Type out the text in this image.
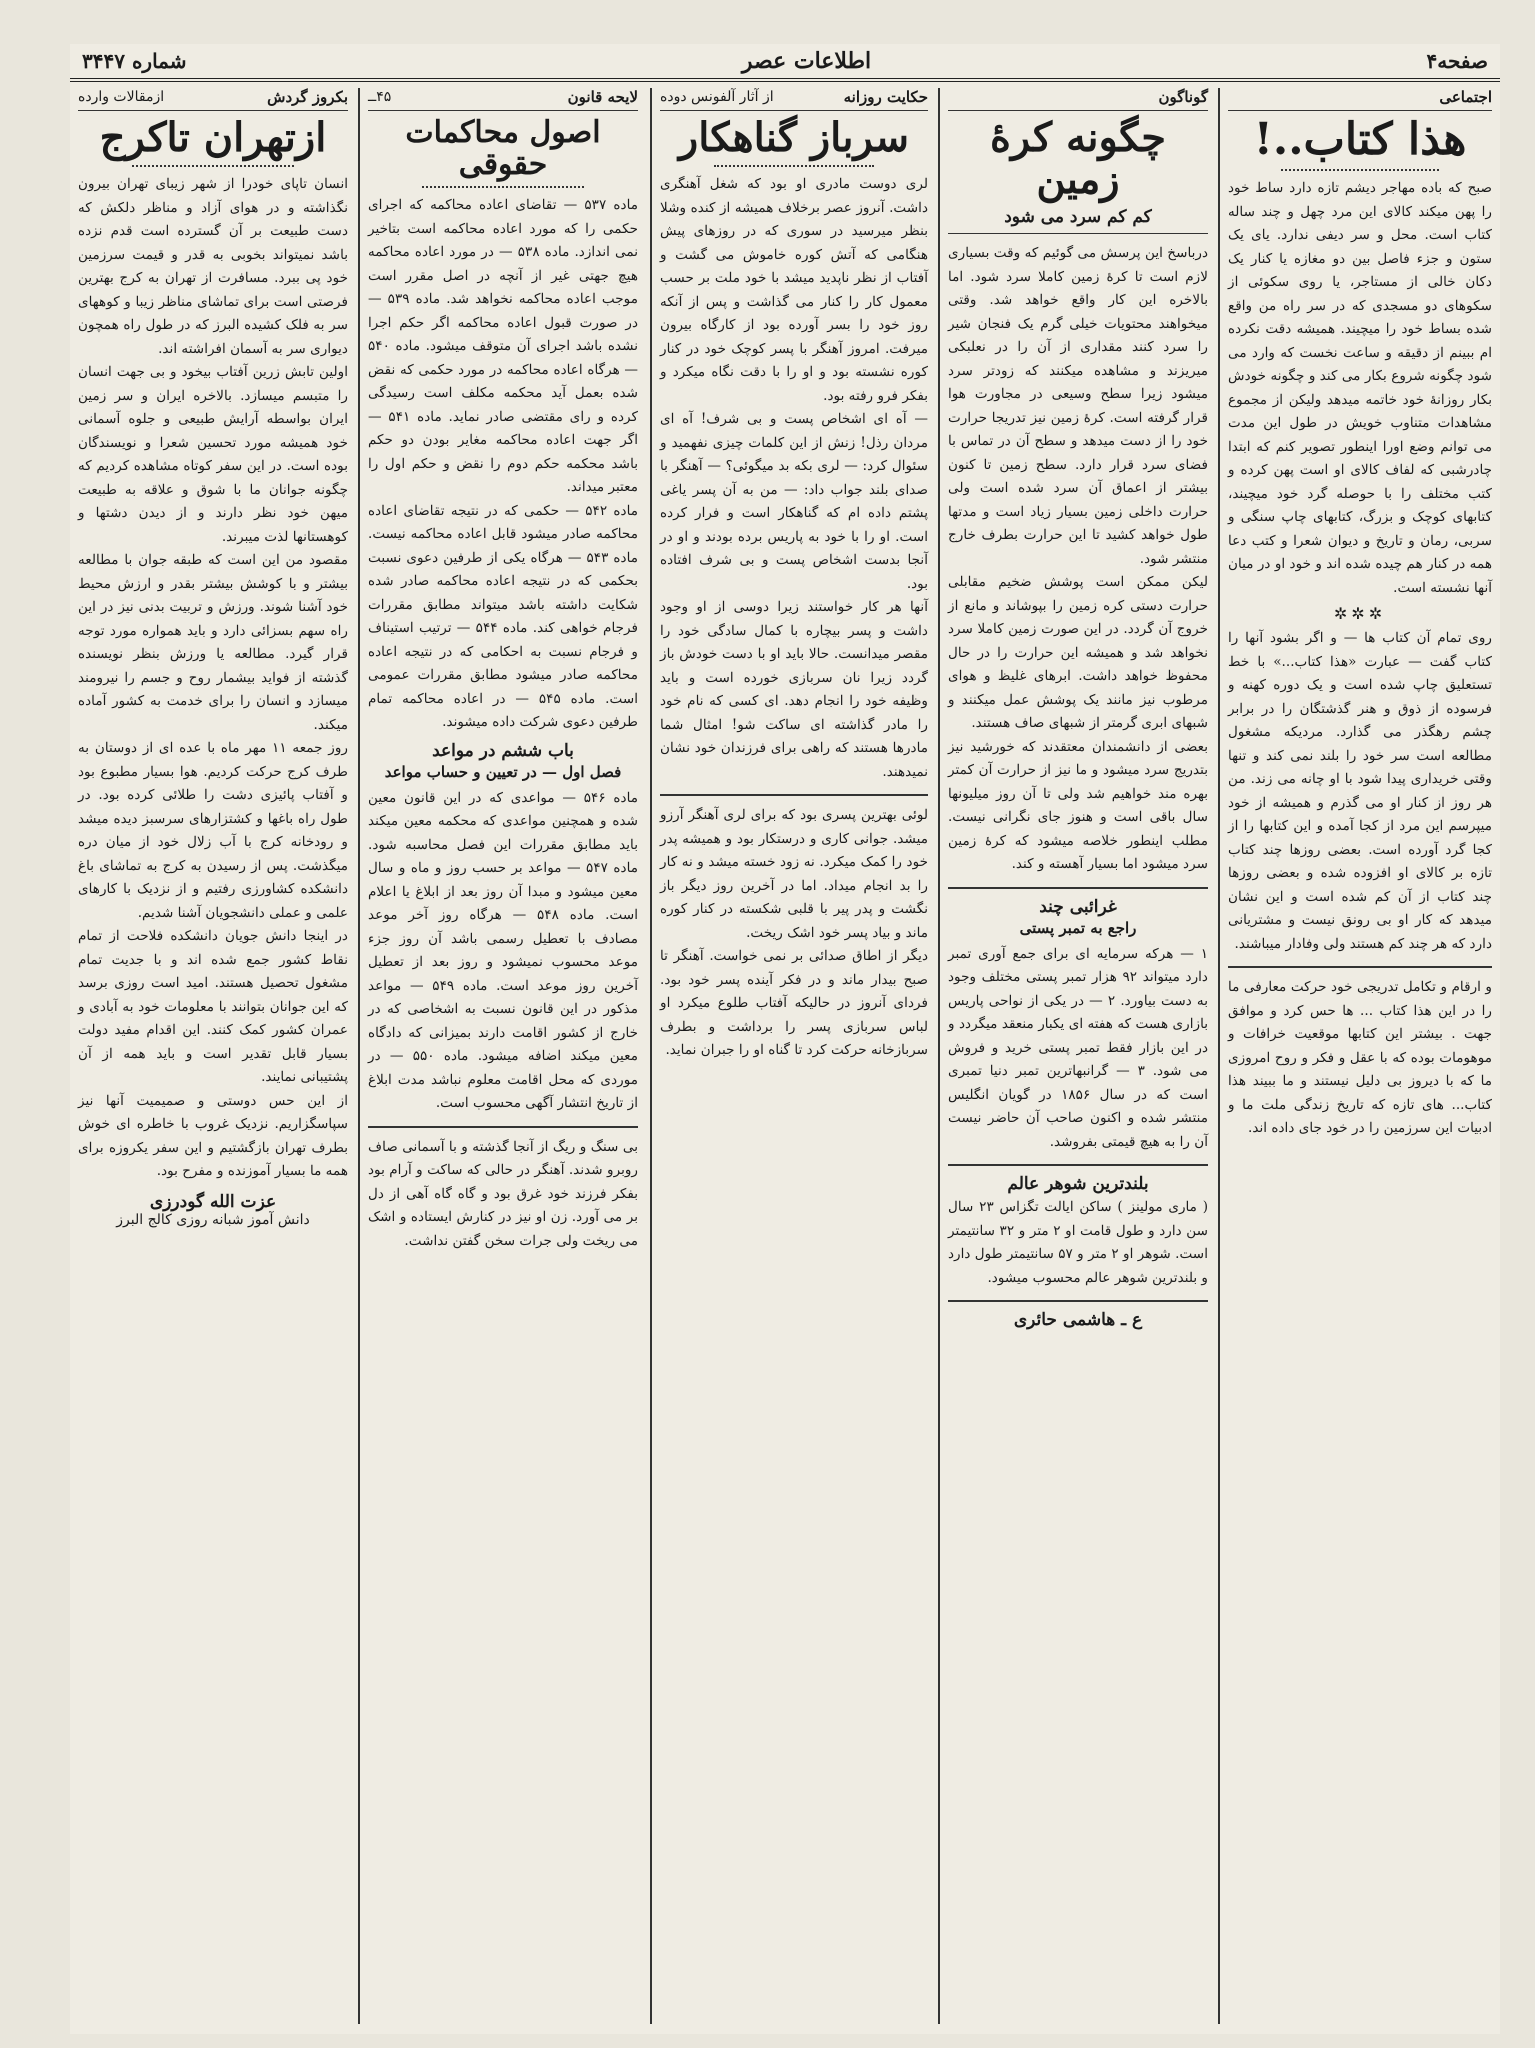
صفحه۴
اطلاعات عصر
شماره ۳۴۴۷
اجتماعی
هذا کتاب..!

صبح که باده مهاجر دیشم تازه دارد ساط خود را پهن میکند کالای این مرد چهل و چند ساله کتاب است. محل و سر دیفی ندارد. یای یک ستون و جزء فاصل بین دو مغازه یا کنار یک دکان خالی از مستاجر، یا روی سکوئی از سکوهای دو مسجدی که در سر راه من واقع شده بساط خود را میچیند. همیشه دقت نکرده ام ببینم از دقیقه و ساعت نخست که وارد می شود چگونه شروع بکار می کند و چگونه خودش بکار روزانهٔ خود خاتمه میدهد ولیکن از مجموع مشاهدات متناوب خویش در طول این مدت می توانم وضع اورا اینطور تصویر کنم که ابتدا چادرشبی که لفاف کالای او است پهن کرده و کتب مختلف را با حوصله گرد خود میچیند، کتابهای کوچک و بزرگ، کتابهای چاپ سنگی و سربی، رمان و تاریخ و دیوان شعرا و کتب دعا همه در کنار هم چیده شده اند و خود او در میان آنها نشسته است.

✲✲✲

روی تمام آن کتاب ها — و اگر بشود آنها را کتاب گفت — عبارت «هذا کتاب...» با خط تستعلیق چاپ شده است و یک دوره کهنه و فرسوده از ذوق و هنر گذشتگان را در برابر چشم رهگذر می گذارد. مردیکه مشغول مطالعه است سر خود را بلند نمی کند و تنها وقتی خریداری پیدا شود با او چانه می زند. من هر روز از کنار او می گذرم و همیشه از خود میپرسم این مرد از کجا آمده و این کتابها را از کجا گرد آورده است. بعضی روزها چند کتاب تازه بر کالای او افزوده شده و بعضی روزها چند کتاب از آن کم شده است و این نشان میدهد که کار او بی رونق نیست و مشتریانی دارد که هر چند کم هستند ولی وفادار میباشند.

و ارقام و تکامل تدریجی خود حرکت معارفی ما را در این هذا کتاب ... ها حس کرد و موافق جهت . بیشتر این کتابها موقعیت خرافات و موهومات بوده که با عقل و فکر و روح امروزی ما که با دیروز بی دلیل نیستند و ما ببیند هذا کتاب... های تازه که تاریخ زندگی ملت ما و ادبیات این سرزمین را در خود جای داده اند.

گوناگون
چگونه کرهٔ زمین
کم کم سرد می شود

درباسخ این پرسش می گوئیم که وقت بسیاری لازم است تا کرهٔ زمین کاملا سرد شود. اما بالاخره این کار واقع خواهد شد. وقتی میخواهند محتویات خیلی گرم یک فنجان شیر را سرد کنند مقداری از آن را در نعلبکی میریزند و مشاهده میکنند که زودتر سرد میشود زیرا سطح وسیعی در مجاورت هوا قرار گرفته است. کرهٔ زمین نیز تدریجا حرارت خود را از دست میدهد و سطح آن در تماس با فضای سرد قرار دارد. سطح زمین تا کنون بیشتر از اعماق آن سرد شده است ولی حرارت داخلی زمین بسیار زیاد است و مدتها طول خواهد کشید تا این حرارت بطرف خارج منتشر شود.

لیکن ممکن است پوشش ضخیم مقابلی حرارت دستی کره زمین را بپوشاند و مانع از خروج آن گردد. در این صورت زمین کاملا سرد نخواهد شد و همیشه این حرارت را در حال محفوظ خواهد داشت. ابرهای غلیظ و هوای مرطوب نیز مانند یک پوشش عمل میکنند و شبهای ابری گرمتر از شبهای صاف هستند.

بعضی از دانشمندان معتقدند که خورشید نیز بتدریج سرد میشود و ما نیز از حرارت آن کمتر بهره مند خواهیم شد ولی تا آن روز میلیونها سال باقی است و هنوز جای نگرانی نیست. مطلب اینطور خلاصه میشود که کرهٔ زمین سرد میشود اما بسیار آهسته و کند.

غرائبی چند
راجع به تمبر پستی

۱ — هرکه سرمایه ای برای جمع آوری تمبر دارد میتواند ۹۲ هزار تمبر پستی مختلف وجود به دست بیاورد. ۲ — در یکی از نواحی پاریس بازاری هست که هفته ای یکبار منعقد میگردد و در این بازار فقط تمبر پستی خرید و فروش می شود. ۳ — گرانبهاترین تمبر دنیا تمبری است که در سال ۱۸۵۶ در گویان انگلیس منتشر شده و اکنون صاحب آن حاضر نیست آن را به هیچ قیمتی بفروشد.

بلندترین شوهر عالم

( ماری مولینز ) ساکن ایالت تگزاس ۲۳ سال سن دارد و طول قامت او ۲ متر و ۳۲ سانتیمتر است. شوهر او ۲ متر و ۵۷ سانتیمتر طول دارد و بلندترین شوهر عالم محسوب میشود.

ع ـ هاشمی حائری
حکایت روزانه
از آثار آلفونس دوده
سرباز گناهکار

لری دوست مادری او بود که شغل آهنگری داشت. آنروز عصر برخلاف همیشه از کنده وشلا بنظر میرسید در سوری که در روزهای پیش هنگامی که آتش کوره خاموش می گشت و آفتاب از نظر ناپدید میشد با خود ملت بر حسب معمول کار را کنار می گذاشت و پس از آنکه روز خود را بسر آورده بود از کارگاه بیرون میرفت. امروز آهنگر با پسر کوچک خود در کنار کوره نشسته بود و او را با دقت نگاه میکرد و بفکر فرو رفته بود.

— آه ای اشخاص پست و بی شرف! آه ای مردان رذل! زنش از این کلمات چیزی نفهمید و سئوال کرد: — لری بکه بد میگوئی؟ — آهنگر با صدای بلند جواب داد: — من به آن پسر یاغی پشتم داده ام که گناهکار است و فرار کرده است. او را با خود به پاریس برده بودند و او در آنجا بدست اشخاص پست و بی شرف افتاده بود.

آنها هر کار خواستند زیرا دوسی از او وجود داشت و پسر بیچاره با کمال سادگی خود را مقصر میدانست. حالا باید او با دست خودش باز گردد زیرا نان سربازی خورده است و باید وظیفه خود را انجام دهد. ای کسی که نام خود را مادر گذاشته ای ساکت شو! امثال شما مادرها هستند که راهی برای فرزندان خود نشان نمیدهند.

لوئی بهترین پسری بود که برای لری آهنگر آرزو میشد. جوانی کاری و درستکار بود و همیشه پدر خود را کمک میکرد. نه زود خسته میشد و نه کار را بد انجام میداد. اما در آخرین روز دیگر باز نگشت و پدر پیر با قلبی شکسته در کنار کوره ماند و بیاد پسر خود اشک ریخت.

دیگر از اطاق صدائی بر نمی خواست. آهنگر تا صبح بیدار ماند و در فکر آینده پسر خود بود. فردای آنروز در حالیکه آفتاب طلوع میکرد او لباس سربازی پسر را برداشت و بطرف سربازخانه حرکت کرد تا گناه او را جبران نماید.

لایحه قانون
۴۵ــ
اصول محاکمات حقوقی

ماده ۵۳۷ — تقاضای اعاده محاکمه که اجرای حکمی را که مورد اعاده محاکمه است بتاخیر نمی اندازد. ماده ۵۳۸ — در مورد اعاده محاکمه هیچ جهتی غیر از آنچه در اصل مقرر است موجب اعاده محاکمه نخواهد شد. ماده ۵۳۹ — در صورت قبول اعاده محاکمه اگر حکم اجرا نشده باشد اجرای آن متوقف میشود. ماده ۵۴۰ — هرگاه اعاده محاکمه در مورد حکمی که نقض شده بعمل آید محکمه مکلف است رسیدگی کرده و رای مقتضی صادر نماید. ماده ۵۴۱ — اگر جهت اعاده محاکمه مغایر بودن دو حکم باشد محکمه حکم دوم را نقض و حکم اول را معتبر میداند.

ماده ۵۴۲ — حکمی که در نتیجه تقاضای اعاده محاکمه صادر میشود قابل اعاده محاکمه نیست. ماده ۵۴۳ — هرگاه یکی از طرفین دعوی نسبت بحکمی که در نتیجه اعاده محاکمه صادر شده شکایت داشته باشد میتواند مطابق مقررات فرجام خواهی کند. ماده ۵۴۴ — ترتیب استیناف و فرجام نسبت به احکامی که در نتیجه اعاده محاکمه صادر میشود مطابق مقررات عمومی است. ماده ۵۴۵ — در اعاده محاکمه تمام طرفین دعوی شرکت داده میشوند.

باب ششم در مواعد
فصل اول — در تعیین و حساب مواعد

ماده ۵۴۶ — مواعدی که در این قانون معین شده و همچنین مواعدی که محکمه معین میکند باید مطابق مقررات این فصل محاسبه شود. ماده ۵۴۷ — مواعد بر حسب روز و ماه و سال معین میشود و مبدا آن روز بعد از ابلاغ یا اعلام است. ماده ۵۴۸ — هرگاه روز آخر موعد مصادف با تعطیل رسمی باشد آن روز جزء موعد محسوب نمیشود و روز بعد از تعطیل آخرین روز موعد است. ماده ۵۴۹ — مواعد مذکور در این قانون نسبت به اشخاصی که در خارج از کشور اقامت دارند بمیزانی که دادگاه معین میکند اضافه میشود. ماده ۵۵۰ — در موردی که محل اقامت معلوم نباشد مدت ابلاغ از تاریخ انتشار آگهی محسوب است.

بی سنگ و ریگ از آنجا گذشته و با آسمانی صاف روبرو شدند. آهنگر در حالی که ساکت و آرام بود بفکر فرزند خود غرق بود و گاه گاه آهی از دل بر می آورد. زن او نیز در کنارش ایستاده و اشک می ریخت ولی جرات سخن گفتن نداشت.

بکروز گردش
ازمقالات وارده
ازتهران تاکرج

انسان تاپای خودرا از شهر زیبای تهران بیرون نگذاشته و در هوای آزاد و مناظر دلکش که دست طبیعت بر آن گسترده است قدم نزده باشد نمیتواند بخوبی به قدر و قیمت سرزمین خود پی ببرد. مسافرت از تهران به کرج بهترین فرصتی است برای تماشای مناظر زیبا و کوههای سر به فلک کشیده البرز که در طول راه همچون دیواری سر به آسمان افراشته اند.

اولین تابش زرین آفتاب بیخود و بی جهت انسان را متبسم میسازد. بالاخره ایران و سر زمین ایران بواسطه آرایش طبیعی و جلوه آسمانی خود همیشه مورد تحسین شعرا و نویسندگان بوده است. در این سفر کوتاه مشاهده کردیم که چگونه جوانان ما با شوق و علاقه به طبیعت میهن خود نظر دارند و از دیدن دشتها و کوهستانها لذت میبرند.

مقصود من این است که طبقه جوان با مطالعه بیشتر و با کوشش بیشتر بقدر و ارزش محیط خود آشنا شوند. ورزش و تربیت بدنی نیز در این راه سهم بسزائی دارد و باید همواره مورد توجه قرار گیرد. مطالعه یا ورزش بنظر نویسنده گذشته از فواید بیشمار روح و جسم را نیرومند میسازد و انسان را برای خدمت به کشور آماده میکند.

روز جمعه ۱۱ مهر ماه با عده ای از دوستان به طرف کرج حرکت کردیم. هوا بسیار مطبوع بود و آفتاب پائیزی دشت را طلائی کرده بود. در طول راه باغها و کشتزارهای سرسبز دیده میشد و رودخانه کرج با آب زلال خود از میان دره میگذشت. پس از رسیدن به کرج به تماشای باغ دانشکده کشاورزی رفتیم و از نزدیک با کارهای علمی و عملی دانشجویان آشنا شدیم.

در اینجا دانش جویان دانشکده فلاحت از تمام نقاط کشور جمع شده اند و با جدیت تمام مشغول تحصیل هستند. امید است روزی برسد که این جوانان بتوانند با معلومات خود به آبادی و عمران کشور کمک کنند. این اقدام مفید دولت بسیار قابل تقدیر است و باید همه از آن پشتیبانی نمایند.

از این حس دوستی و صمیمیت آنها نیز سپاسگزاریم. نزدیک غروب با خاطره ای خوش بطرف تهران بازگشتیم و این سفر یکروزه برای همه ما بسیار آموزنده و مفرح بود.

عزت الله گودرزی
دانش آموز شبانه روزی کالج البرز
